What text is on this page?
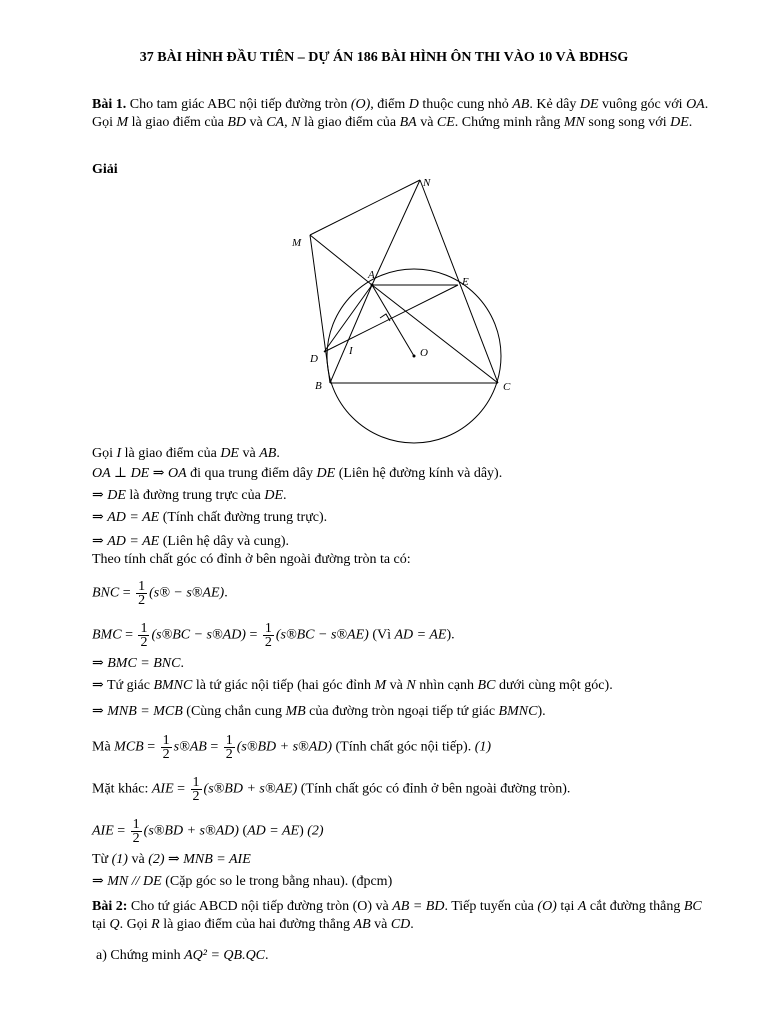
37 BÀI HÌNH ĐẦU TIÊN – DỰ ÁN 186 BÀI HÌNH ÔN THI VÀO 10 VÀ BDHSG
Bài 1. Cho tam giác ABC nội tiếp đường tròn (O), điểm D thuộc cung nhỏ AB. Kẻ dây DE vuông góc với OA. Gọi M là giao điểm của BD và CA, N là giao điểm của BA và CE. Chứng minh rằng MN song song với DE.
Giải
N
M
A
E
I	O
D
B	C
Gọi I là giao điểm của DE và AB.
OA ⊥ DE ⇒ OA đi qua trung điểm dây DE (Liên hệ đường kính và dây).
⇒ DE là đường trung trực của DE.
⇒ AD = AE (Tính chất đường trung trực).
⇒ AD = AE (Liên hệ dây và cung).
Theo tính chất góc có đỉnh ở bên ngoài đường tròn ta có:
BNC = $\frac{1}{2}$ (s® − s®AE).
BMC = $\frac{1}{2}$ (s®BC − s®AD) = $\frac{1}{2}$ (s®BC − s®AE) (Vì AD = AE).
⇒ BMC = BNC.
⇒ Tứ giác BMNC là tứ giác nội tiếp (hai góc đỉnh M và N nhìn cạnh BC dưới cùng một góc).
⇒ MNB = MCB (Cùng chắn cung MB của đường tròn ngoại tiếp tứ giác BMNC).
Mà MCB = $\frac{1}{2}$ s®AB = $\frac{1}{2}$ (s®BD + s®AD) (Tính chất góc nội tiếp). (1)
Mặt khác: AIE = $\frac{1}{2}$ (s®BD + s®AE) (Tính chất góc có đỉnh ở bên ngoài đường tròn).
AIE = $\frac{1}{2}$ (s®BD + s®AD) (AD = AE) (2)
Từ (1) và (2) ⇒ MNB = AIE
⇒ MN // DE (Cặp góc so le trong bằng nhau). (đpcm)
Bài 2: Cho tứ giác ABCD nội tiếp đường tròn (O) và AB = BD. Tiếp tuyến của (O) tại A cắt đường thẳng BC tại Q. Gọi R là giao điểm của hai đường thẳng AB và CD.
a) Chứng minh AQ² = QB.QC.
